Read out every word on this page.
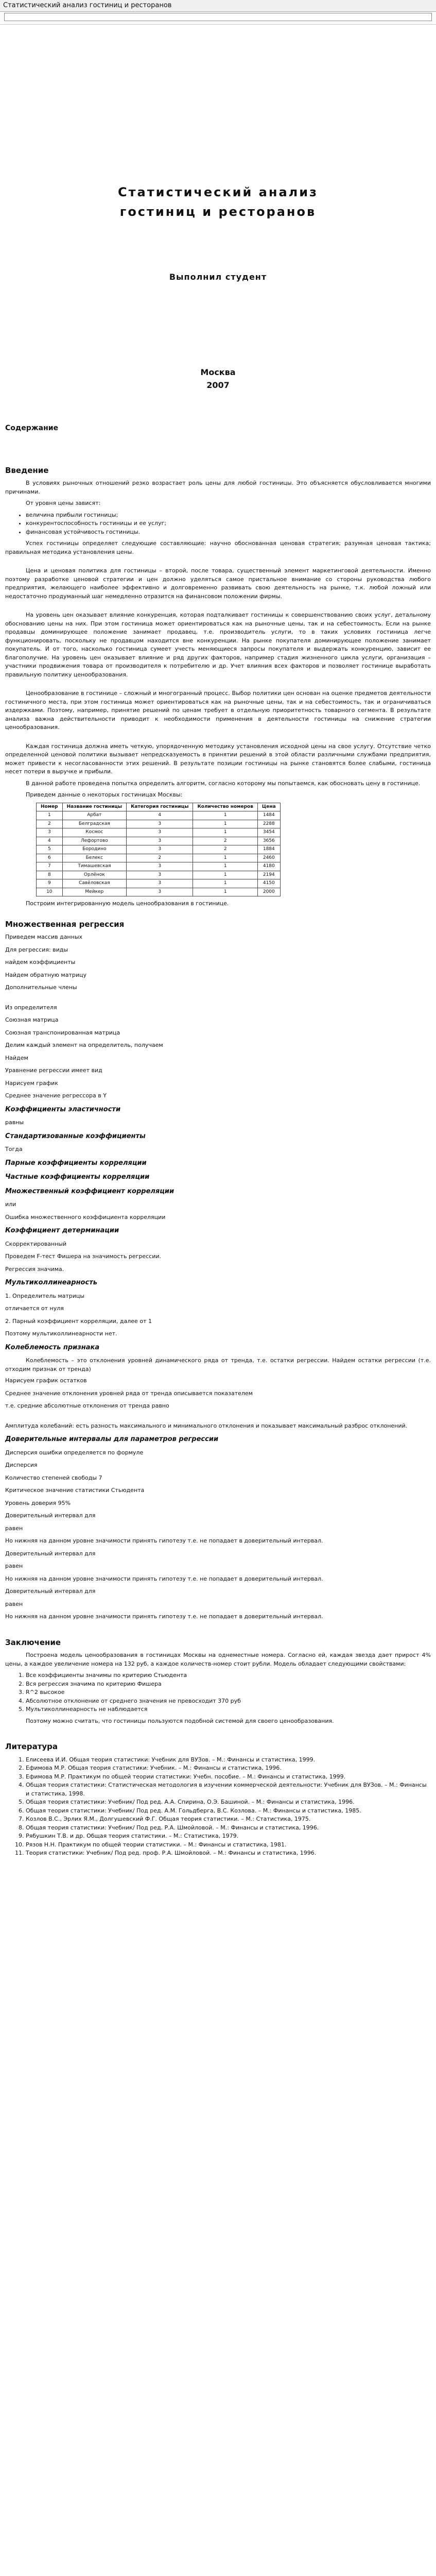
Статистический анализ гостиниц и ресторанов
Статистический анализ
гостиниц и ресторанов
Выполнил студент
Москва
2007
Содержание
Введение

В условиях рыночных отношений резко возрастает роль цены для любой гостиницы. Это объясняется обусловливается многими причинами.

От уровня цены зависят:

• величина прибыли гостиницы;
• конкурентоспособность гостиницы и ее услуг;
• финансовая устойчивость гостиницы.

Успех гостиницы определяет следующие составляющие: научно обоснованная ценовая стратегия; разумная ценовая тактика; правильная методика установления цены.

Цена и ценовая политика для гостиницы – второй, после товара, существенный элемент маркетинговой деятельности. Именно поэтому разработке ценовой стратегии и цен должно уделяться самое пристальное внимание со стороны руководства любого предприятия, желающего наиболее эффективно и долговременно развивать свою деятельность на рынке, т.к. любой ложный или недостаточно продуманный шаг немедленно отразится на финансовом положении фирмы.

На уровень цен оказывает влияние конкуренция, которая подталкивает гостиницы к совершенствованию своих услуг, детальному обоснованию цены на них. При этом гостиница может ориентироваться как на рыночные цены, так и на себестоимость. Если на рынке продавцы доминирующее положение занимает продавец, т.е. производитель услуги, то в таких условиях гостиница легче функционировать, поскольку не продавцом находится вне конкуренции. На рынке покупателя доминирующее положение занимает покупатель. И от того, насколько гостиница сумеет учесть меняющиеся запросы покупателя и выдержать конкуренцию, зависит ее благополучие. На уровень цен оказывает влияние и ряд других факторов, например стадия жизненного цикла услуги, организация – участники продвижения товара от производителя к потребителю и др. Учет влияния всех факторов и позволяет гостинице выработать правильную политику ценообразования.

Ценообразование в гостинице – сложный и многогранный процесс. Выбор политики цен основан на оценке предметов деятельности гостиничного места, при этом гостиница может ориентироваться как на рыночные цены, так и на себестоимость, так и ограничиваться издержками. Поэтому, например, принятие решений по ценам требует в отдельную приоритетность товарного сегмента. В результате анализа важна действительности приводит к необходимости применения в деятельности гостиницы на снижение стратегии ценообразования.

Каждая гостиница должна иметь четкую, упорядоченную методику установления исходной цены на свое услугу. Отсутствие четко определенной ценовой политики вызывает непредсказуемость в принятии решений в этой области различными службами предприятия, может привести к несогласованности этих решений. В результате позиции гостиницы на рынке становятся более слабыми, гостиница несет потери в выручке и прибыли.

В данной работе проведена попытка определить алгоритм, согласно которому мы попытаемся, как обосновать цену в гостинице.

Приведем данные о некоторых гостиницах Москвы:

Номер	Название гостиницы	Категория гостиницы	Количество номеров	Цена
1	Арбат	4	1	1484
2	Белградская	3	1	2288
3	Космос	3	1	3454
4	Лефортово	3	2	3656
5	Бородино	3	2	1884
6	Белекс	2	1	2460
7	Тимашевская	3	1	4180
8	Орлёнок	3	1	2194
9	Савёловская	3	1	4150
10	Мейкер	3	1	2000

Построим интегрированную модель ценообразования в гостинице.

Множественная регрессия
Приведем массив данных
Для регрессия: виды
найдем коэффициенты
Найдем обратную матрицу
Дополнительные члены
Из определителя
Союзная матрица
Союзная транспонированная матрица
Делим каждый элемент на определитель, получаем
Найдем
Уравнение регрессии имеет вид
Нарисуем график
Среднее значение регрессора в Y
Коэффициенты эластичности
равны
Стандартизованные коэффициенты
Тогда
Парные коэффициенты корреляции
Частные коэффициенты корреляции
Множественный коэффициент корреляции
или
Ошибка множественного коэффициента корреляции
Коэффициент детерминации
Скорректированный
Проведем F-тест Фишера на значимость регрессии.
Регрессия значима.
Мультиколлинеарность
1. Определитель матрицы
отличается от нуля
2. Парный коэффициент корреляции, далее от 1
Поэтому мультиколлинеарности нет.
Колеблемость признака

Колеблемость – это отклонения уровней динамического ряда от тренда, т.е. остатки регрессии. Найдем остатки регрессии (т.е. отходим признак от тренда)

Нарисуем график остатков
Среднее значение отклонения уровней ряда от тренда описывается показателем
т.е. средние абсолютные отклонения от тренда равно
Амплитуда колебаний: есть разность максимального и минимального отклонения и показывает максимальный разброс отклонений.
Доверительные интервалы для параметров регрессии
Дисперсия ошибки определяется по формуле
Дисперсия
Количество степеней свободы 7
Критическое значение статистики Стьюдента
Уровень доверия 95%
Доверительный интервал для
равен
Но нижняя на данном уровне значимости принять гипотезу т.е. не попадает в доверительный интервал.
Доверительный интервал для
равен
Но нижняя на данном уровне значимости принять гипотезу т.е. не попадает в доверительный интервал.
Доверительный интервал для
равен
Но нижняя на данном уровне значимости принять гипотезу т.е. не попадает в доверительный интервал.
Заключение

Построена модель ценообразования в гостиницах Москвы на однеместные номера. Согласно ей, каждая звезда дает прирост 4% цены, а каждое увеличение номера на 132 руб, а каждое количеств-номер стоит рубли. Модель обладает следующими свойствами:

1. Все коэффициенты значимы по критерию Стьюдента
2. Вся регрессия значима по критерию Фишера
3. R^2 высокое
4. Абсолютное отклонение от среднего значения не превосходит 370 руб
5. Мультиколлинеарность не наблюдается

Поэтому можно считать, что гостиницы пользуются подобной системой для своего ценообразования.

Литература
1. Елисеева И.И. Общая теория статистики: Учебник для ВУЗов. – М.: Финансы и статистика, 1999.
2. Ефимова М.Р. Общая теория статистики: Учебник. – М.: Финансы и статистика, 1996.
3. Ефимова М.Р. Практикум по общей теории статистики: Учебн. пособие. – М.: Финансы и статистика, 1999.
4. Общая теория статистики: Статистическая методология в изучении коммерческой деятельности: Учебник для ВУЗов. – М.: Финансы и статистика, 1998.
5. Общая теория статистики: Учебник/ Под ред. А.А. Спирина, О.Э. Башиной. – М.: Финансы и статистика, 1996.
6. Общая теория статистики: Учебник/ Под ред. А.М. Гольдберга, В.С. Козлова. – М.: Финансы и статистика, 1985.
7. Козлов В.С., Эрлих Я.М., Долгушевский Ф.Г. Общая теория статистики. – М.: Статистика, 1975.
8. Общая теория статистики: Учебник/ Под ред. Р.А. Шмойловой. – М.: Финансы и статистика, 1996.
9. Рябушкин Т.В. и др. Общая теория статистики. – М.: Статистика, 1979.
10. Рязов Н.Н. Практикум по общей теории статистики. – М.: Финансы и статистика, 1981.
11. Теория статистики: Учебник/ Под ред. проф. Р.А. Шмойловой. – М.: Финансы и статистика, 1996.
